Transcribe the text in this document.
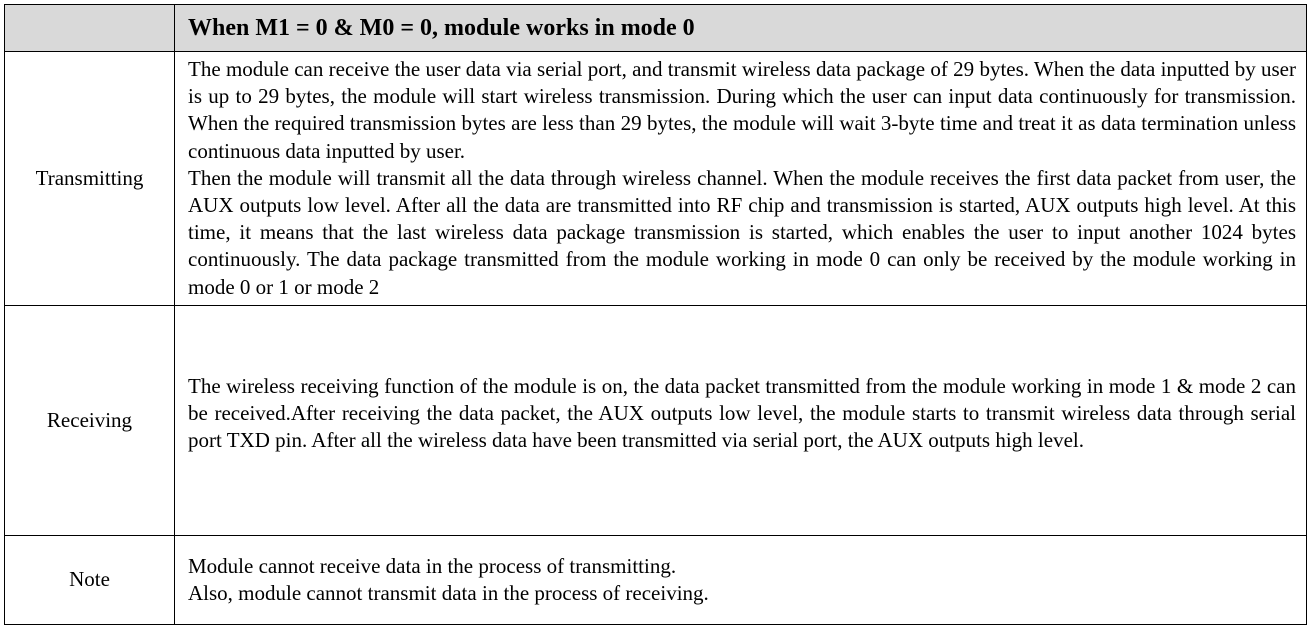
	When M1 = 0 & M0 = 0, module works in mode 0

Transmitting	The module can receive the user data via serial port, and transmit wireless data package of 29 bytes. When the data inputted by user is up to 29 bytes, the module will start wireless transmission. During which the user can input data continuously for transmission. When the required transmission bytes are less than 29 bytes, the module will wait 3-byte time and treat it as data termination unless continuous data inputted by user.

Then the module will transmit all the data through wireless channel. When the module receives the first data packet from user, the AUX outputs low level. After all the data are transmitted into RF chip and transmission is started, AUX outputs high level. At this time, it means that the last wireless data package transmission is started, which enables the user to input another 1024 bytes continuously. The data package transmitted from the module working in mode 0 can only be received by the module working in mode 0 or 1 or mode 2

Receiving	The wireless receiving function of the module is on, the data packet transmitted from the module working in mode 1 & mode 2 can be received.After receiving the data packet, the AUX outputs low level, the module starts to transmit wireless data through serial port TXD pin. After all the wireless data have been transmitted via serial port, the AUX outputs high level.

Note	Module cannot receive data in the process of transmitting.

Also, module cannot transmit data in the process of receiving.
